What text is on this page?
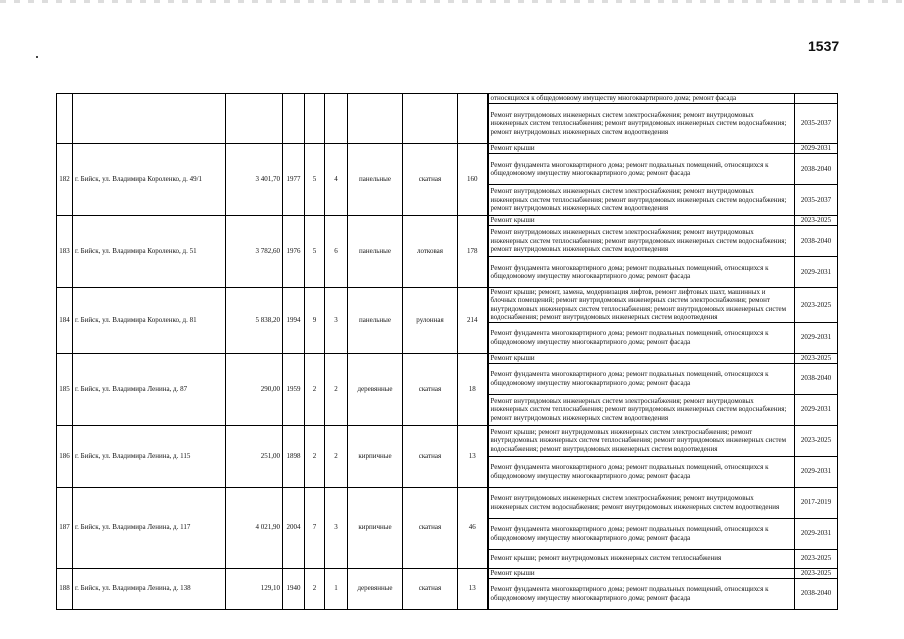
1537
									относящихся к общедомовому имуществу многоквартирного дома; ремонт фасада	
									Ремонт внутридомовых инженерных систем электроснабжения; ремонт внутридомовых инженерных систем теплоснабжения; ремонт внутридомовых инженерных систем водоснабжения; ремонт внутридомовых инженерных систем водоотведения	2035-2037
182	г. Бийск, ул. Владимира Короленко, д. 49/1	3 401,70	1977	5	4	панельные	скатная	160	Ремонт крыши	2029-2031
									Ремонт фундамента многоквартирного дома; ремонт подвальных помещений, относящихся к общедомовому имуществу многоквартирного дома; ремонт фасада	2038-2040
									Ремонт внутридомовых инженерных систем электроснабжения; ремонт внутридомовых инженерных систем теплоснабжения; ремонт внутридомовых инженерных систем водоснабжения; ремонт внутридомовых инженерных систем водоотведения	2035-2037
183	г. Бийск, ул. Владимира Короленко, д. 51	3 782,60	1976	5	6	панельные	лотковая	178	Ремонт крыши	2023-2025
									Ремонт внутридомовых инженерных систем электроснабжения; ремонт внутридомовых инженерных систем теплоснабжения; ремонт внутридомовых инженерных систем водоснабжения; ремонт внутридомовых инженерных систем водоотведения	2038-2040
									Ремонт фундамента многоквартирного дома; ремонт подвальных помещений, относящихся к общедомовому имуществу многоквартирного дома; ремонт фасада	2029-2031
184	г. Бийск, ул. Владимира Короленко, д. 81	5 838,20	1994	9	3	панельные	рулонная	214	Ремонт крыши; ремонт, замена, модернизация лифтов, ремонт лифтовых шахт, машинных и блочных помещений; ремонт внутридомовых инженерных систем электроснабжения; ремонт внутридомовых инженерных систем теплоснабжения; ремонт внутридомовых инженерных систем водоснабжения; ремонт внутридомовых инженерных систем водоотведения	2023-2025
									Ремонт фундамента многоквартирного дома; ремонт подвальных помещений, относящихся к общедомовому имуществу многоквартирного дома; ремонт фасада	2029-2031
185	г. Бийск, ул. Владимира Ленина, д. 87	290,00	1959	2	2	деревянные	скатная	18	Ремонт крыши	2023-2025
									Ремонт фундамента многоквартирного дома; ремонт подвальных помещений, относящихся к общедомовому имуществу многоквартирного дома; ремонт фасада	2038-2040
									Ремонт внутридомовых инженерных систем электроснабжения; ремонт внутридомовых инженерных систем теплоснабжения; ремонт внутридомовых инженерных систем водоснабжения; ремонт внутридомовых инженерных систем водоотведения	2029-2031
186	г. Бийск, ул. Владимира Ленина, д. 115	251,00	1898	2	2	кирпичные	скатная	13	Ремонт крыши; ремонт внутридомовых инженерных систем электроснабжения; ремонт внутридомовых инженерных систем теплоснабжения; ремонт внутридомовых инженерных систем водоснабжения; ремонт внутридомовых инженерных систем водоотведения	2023-2025
									Ремонт фундамента многоквартирного дома; ремонт подвальных помещений, относящихся к общедомовому имуществу многоквартирного дома; ремонт фасада	2029-2031
187	г. Бийск, ул. Владимира Ленина, д. 117	4 021,90	2004	7	3	кирпичные	скатная	46	Ремонт внутридомовых инженерных систем электроснабжения; ремонт внутридомовых инженерных систем водоснабжения; ремонт внутридомовых инженерных систем водоотведения	2017-2019
									Ремонт фундамента многоквартирного дома; ремонт подвальных помещений, относящихся к общедомовому имуществу многоквартирного дома; ремонт фасада	2029-2031
									Ремонт крыши; ремонт внутридомовых инженерных систем теплоснабжения	2023-2025
188	г. Бийск, ул. Владимира Ленина, д. 138	129,10	1940	2	1	деревянные	скатная	13	Ремонт крыши	2023-2025
									Ремонт фундамента многоквартирного дома; ремонт подвальных помещений, относящихся к общедомовому имуществу многоквартирного дома; ремонт фасада	2038-2040
